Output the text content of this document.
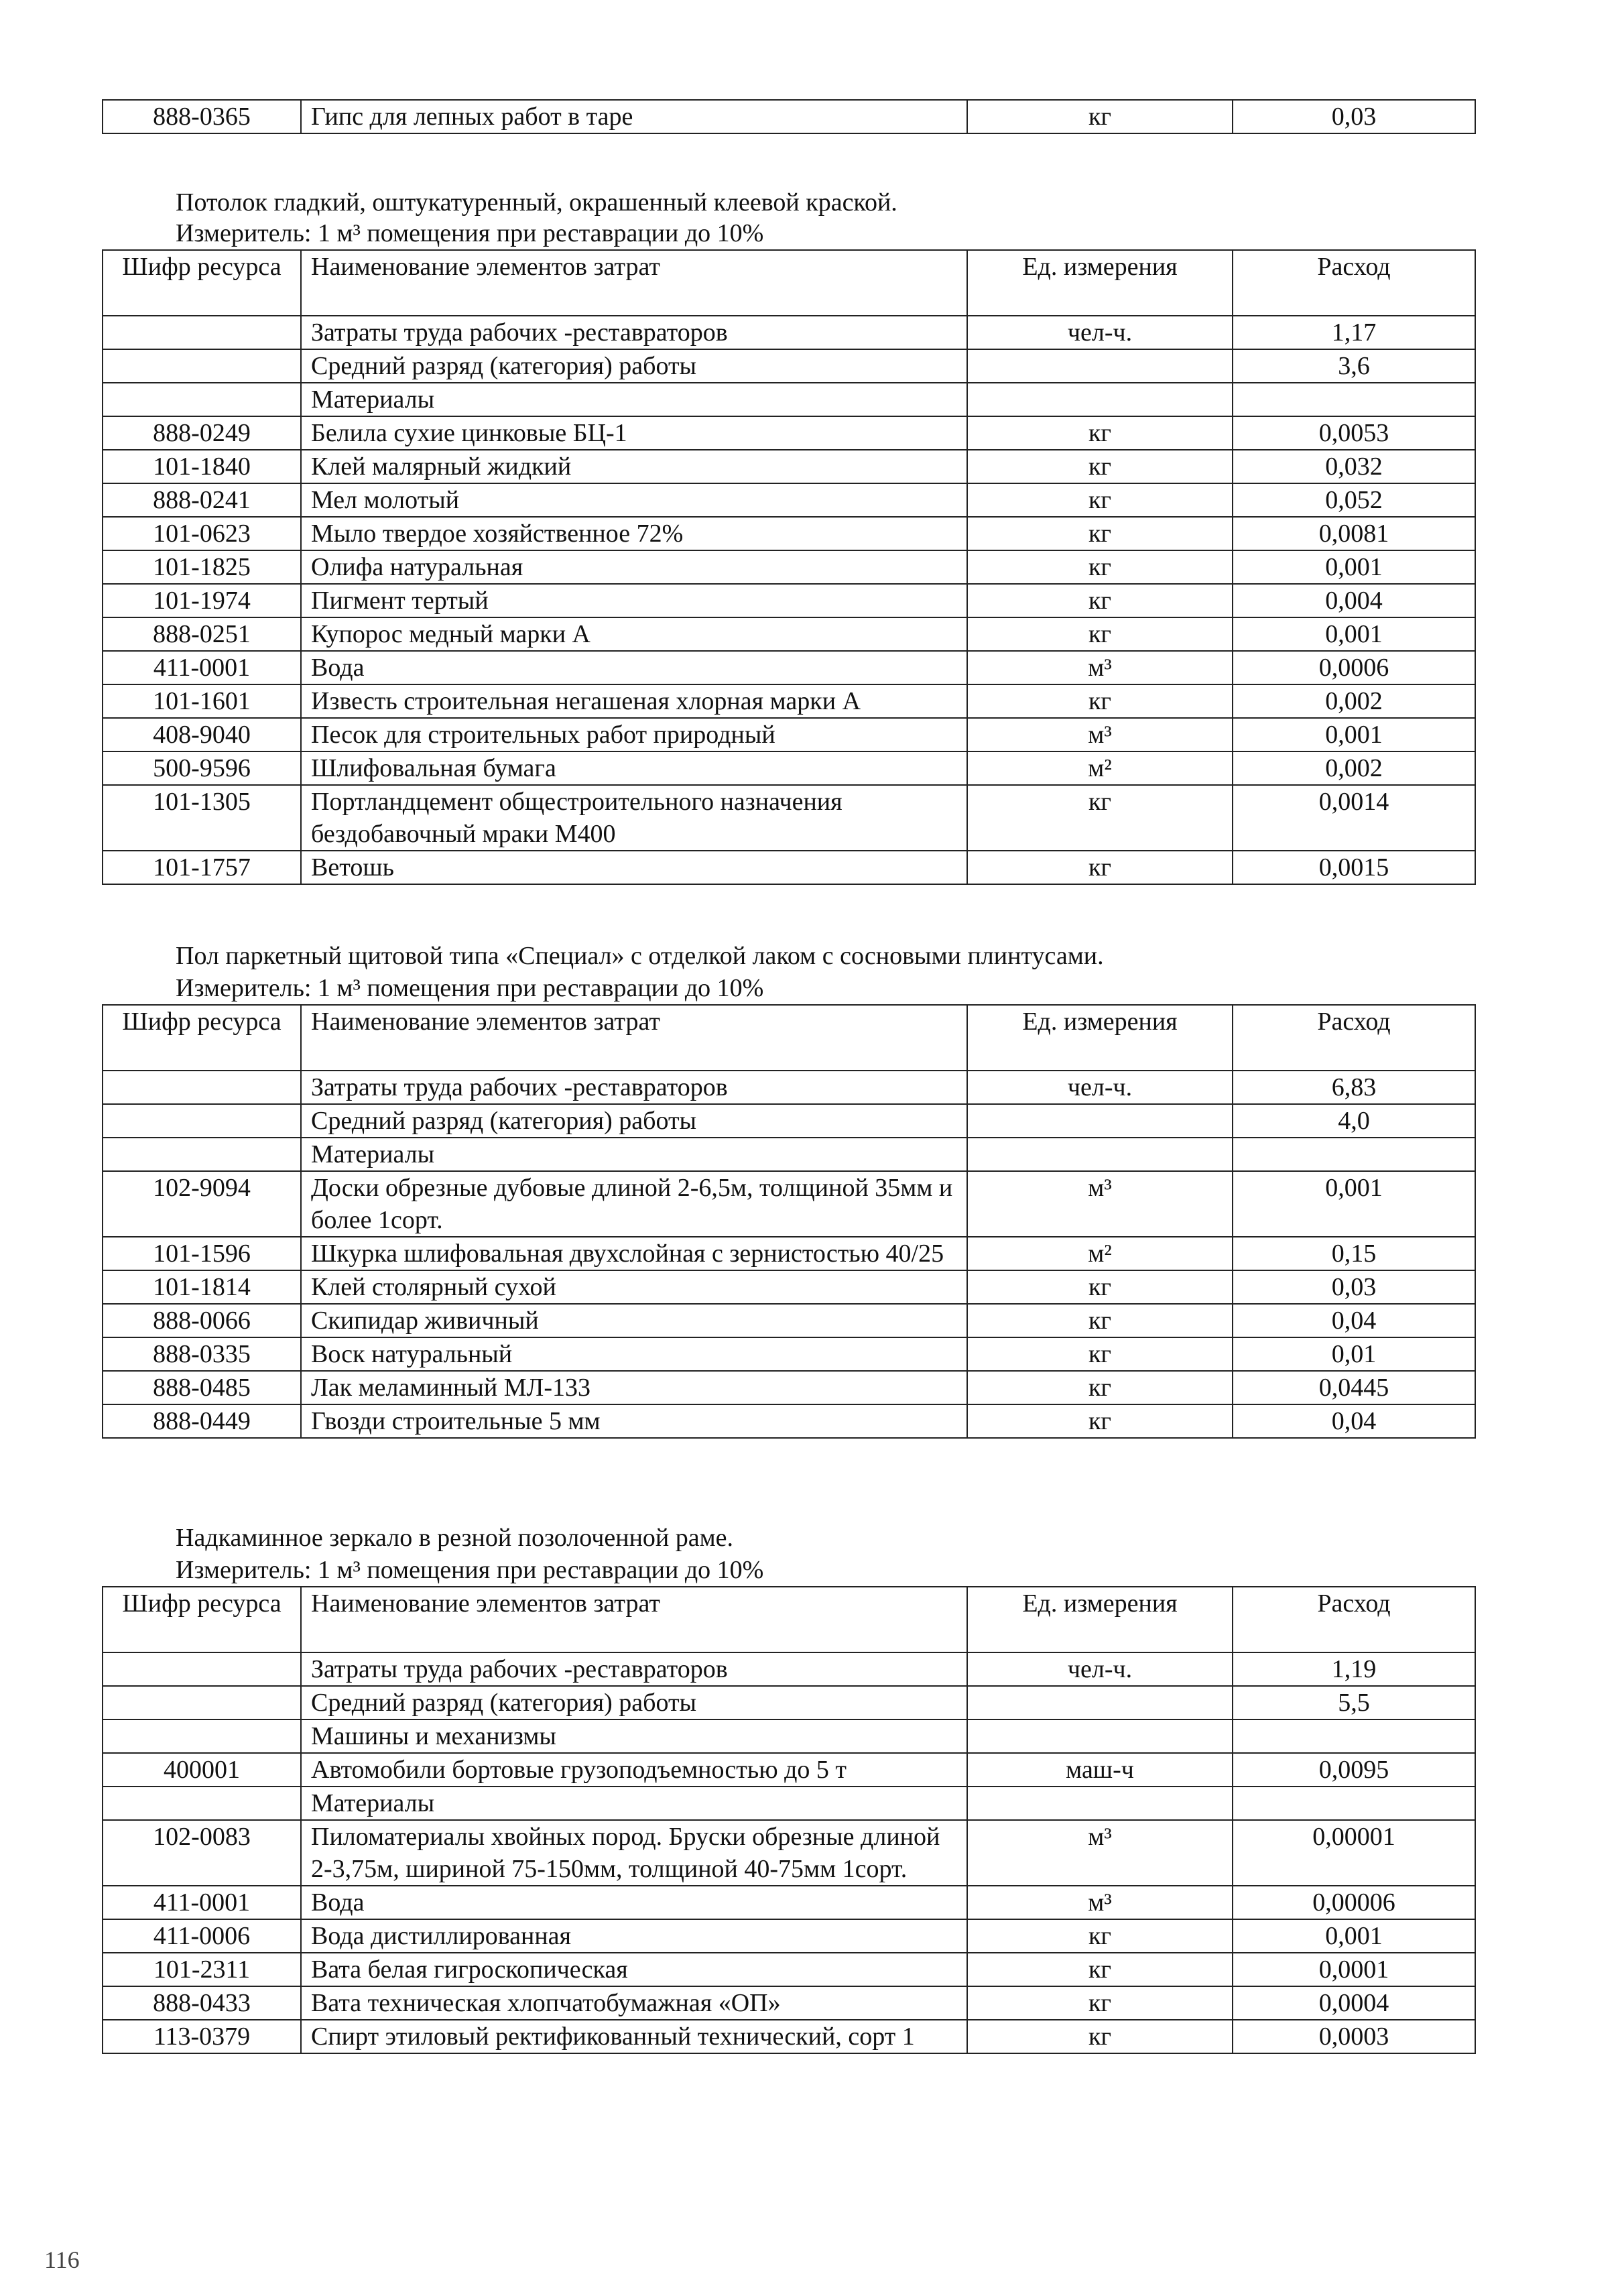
888-0365	Гипс для лепных работ в таре	кг	0,03
Потолок гладкий, оштукатуренный, окрашенный клеевой краской.
Измеритель: 1 м³ помещения при реставрации до 10%
Шифр ресурса	Наименование элементов затрат	Ед. измерения	Расход
	Затраты труда рабочих -реставраторов	чел-ч.	1,17
	Средний разряд (категория) работы		3,6
	Материалы		
888-0249	Белила сухие цинковые БЦ-1	кг	0,0053
101-1840	Клей малярный жидкий	кг	0,032
888-0241	Мел молотый	кг	0,052
101-0623	Мыло твердое хозяйственное 72%	кг	0,0081
101-1825	Олифа натуральная	кг	0,001
101-1974	Пигмент тертый	кг	0,004
888-0251	Купорос медный марки А	кг	0,001
411-0001	Вода	м³	0,0006
101-1601	Известь строительная негашеная хлорная марки А	кг	0,002
408-9040	Песок для строительных работ природный	м³	0,001
500-9596	Шлифовальная бумага	м²	0,002
101-1305	Портландцемент общестроительного назначения бездобавочный мраки М400	кг	0,0014
101-1757	Ветошь	кг	0,0015
Пол паркетный щитовой типа «Специал» с отделкой лаком с сосновыми плинтусами.
Измеритель: 1 м³ помещения при реставрации до 10%
Шифр ресурса	Наименование элементов затрат	Ед. измерения	Расход
	Затраты труда рабочих -реставраторов	чел-ч.	6,83
	Средний разряд (категория) работы		4,0
	Материалы		
102-9094	Доски обрезные дубовые длиной 2-6,5м, толщиной 35мм и более 1сорт.	м³	0,001
101-1596	Шкурка шлифовальная двухслойная с зернистостью 40/25	м²	0,15
101-1814	Клей столярный сухой	кг	0,03
888-0066	Скипидар живичный	кг	0,04
888-0335	Воск натуральный	кг	0,01
888-0485	Лак меламинный МЛ-133	кг	0,0445
888-0449	Гвозди строительные 5 мм	кг	0,04
Надкаминное зеркало в резной позолоченной раме.
Измеритель: 1 м³ помещения при реставрации до 10%
Шифр ресурса	Наименование элементов затрат	Ед. измерения	Расход
	Затраты труда рабочих -реставраторов	чел-ч.	1,19
	Средний разряд (категория) работы		5,5
	Машины и механизмы		
400001	Автомобили бортовые грузоподъемностью до 5 т	маш-ч	0,0095
	Материалы		
102-0083	Пиломатериалы хвойных пород. Бруски обрезные длиной 2-3,75м, шириной 75-150мм, толщиной 40-75мм 1сорт.	м³	0,00001
411-0001	Вода	м³	0,00006
411-0006	Вода дистиллированная	кг	0,001
101-2311	Вата белая гигроскопическая	кг	0,0001
888-0433	Вата техническая хлопчатобумажная «ОП»	кг	0,0004
113-0379	Спирт этиловый ректификованный технический, сорт 1	кг	0,0003
116
